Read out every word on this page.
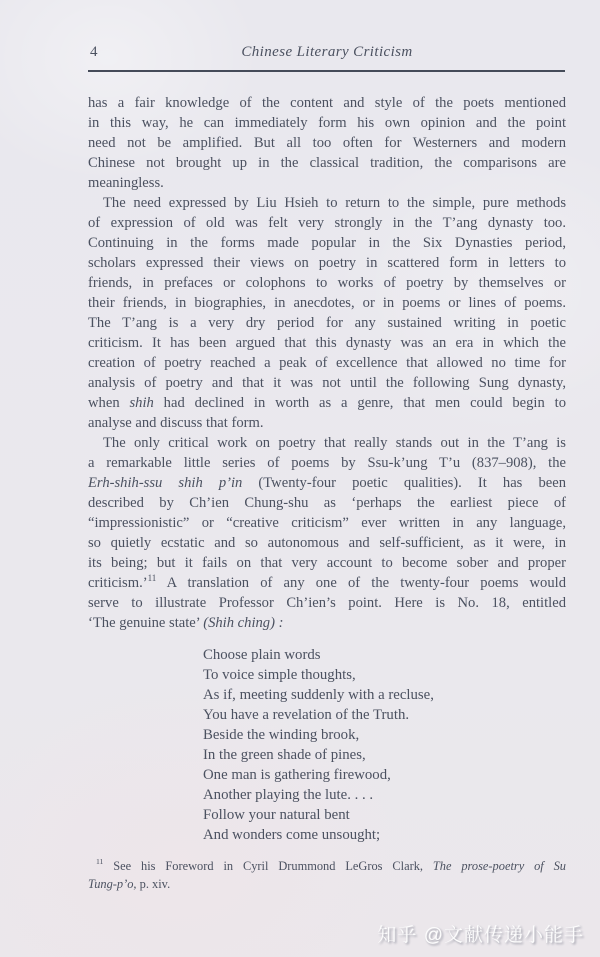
4	Chinese Literary Criticism
has a fair knowledge of the content and style of the poets mentioned
in this way, he can immediately form his own opinion and the point
need not be amplified. But all too often for Westerners and modern
Chinese not brought up in the classical tradition, the comparisons are
meaningless.
The need expressed by Liu Hsieh to return to the simple, pure methods
of expression of old was felt very strongly in the T’ang dynasty too.
Continuing in the forms made popular in the Six Dynasties period,
scholars expressed their views on poetry in scattered form in letters to
friends, in prefaces or colophons to works of poetry by themselves or
their friends, in biographies, in anecdotes, or in poems or lines of poems.
The T’ang is a very dry period for any sustained writing in poetic
criticism. It has been argued that this dynasty was an era in which the
creation of poetry reached a peak of excellence that allowed no time for
analysis of poetry and that it was not until the following Sung dynasty,
when shih had declined in worth as a genre, that men could begin to
analyse and discuss that form.
The only critical work on poetry that really stands out in the T’ang is
a remarkable little series of poems by Ssu-k’ung T’u (837–908), the
Erh-shih-ssu shih p’in (Twenty-four poetic qualities). It has been
described by Ch’ien Chung-shu as ‘perhaps the earliest piece of
“impressionistic” or “creative criticism” ever written in any language,
so quietly ecstatic and so autonomous and self-sufficient, as it were, in
its being; but it fails on that very account to become sober and proper
criticism.’$^{11}$ A translation of any one of the twenty-four poems would
serve to illustrate Professor Ch’ien’s point. Here is No. 18, entitled
‘The genuine state’ (Shih ching) :
Choose plain words
To voice simple thoughts,
As if, meeting suddenly with a recluse,
You have a revelation of the Truth.
Beside the winding brook,
In the green shade of pines,
One man is gathering firewood,
Another playing the lute. . . .
Follow your natural bent
And wonders come unsought;
$^{11}$ See his Foreword in Cyril Drummond LeGros Clark, The prose-poetry of Su
Tung-p’o, p. xiv.
知乎 @文献传递小能手
